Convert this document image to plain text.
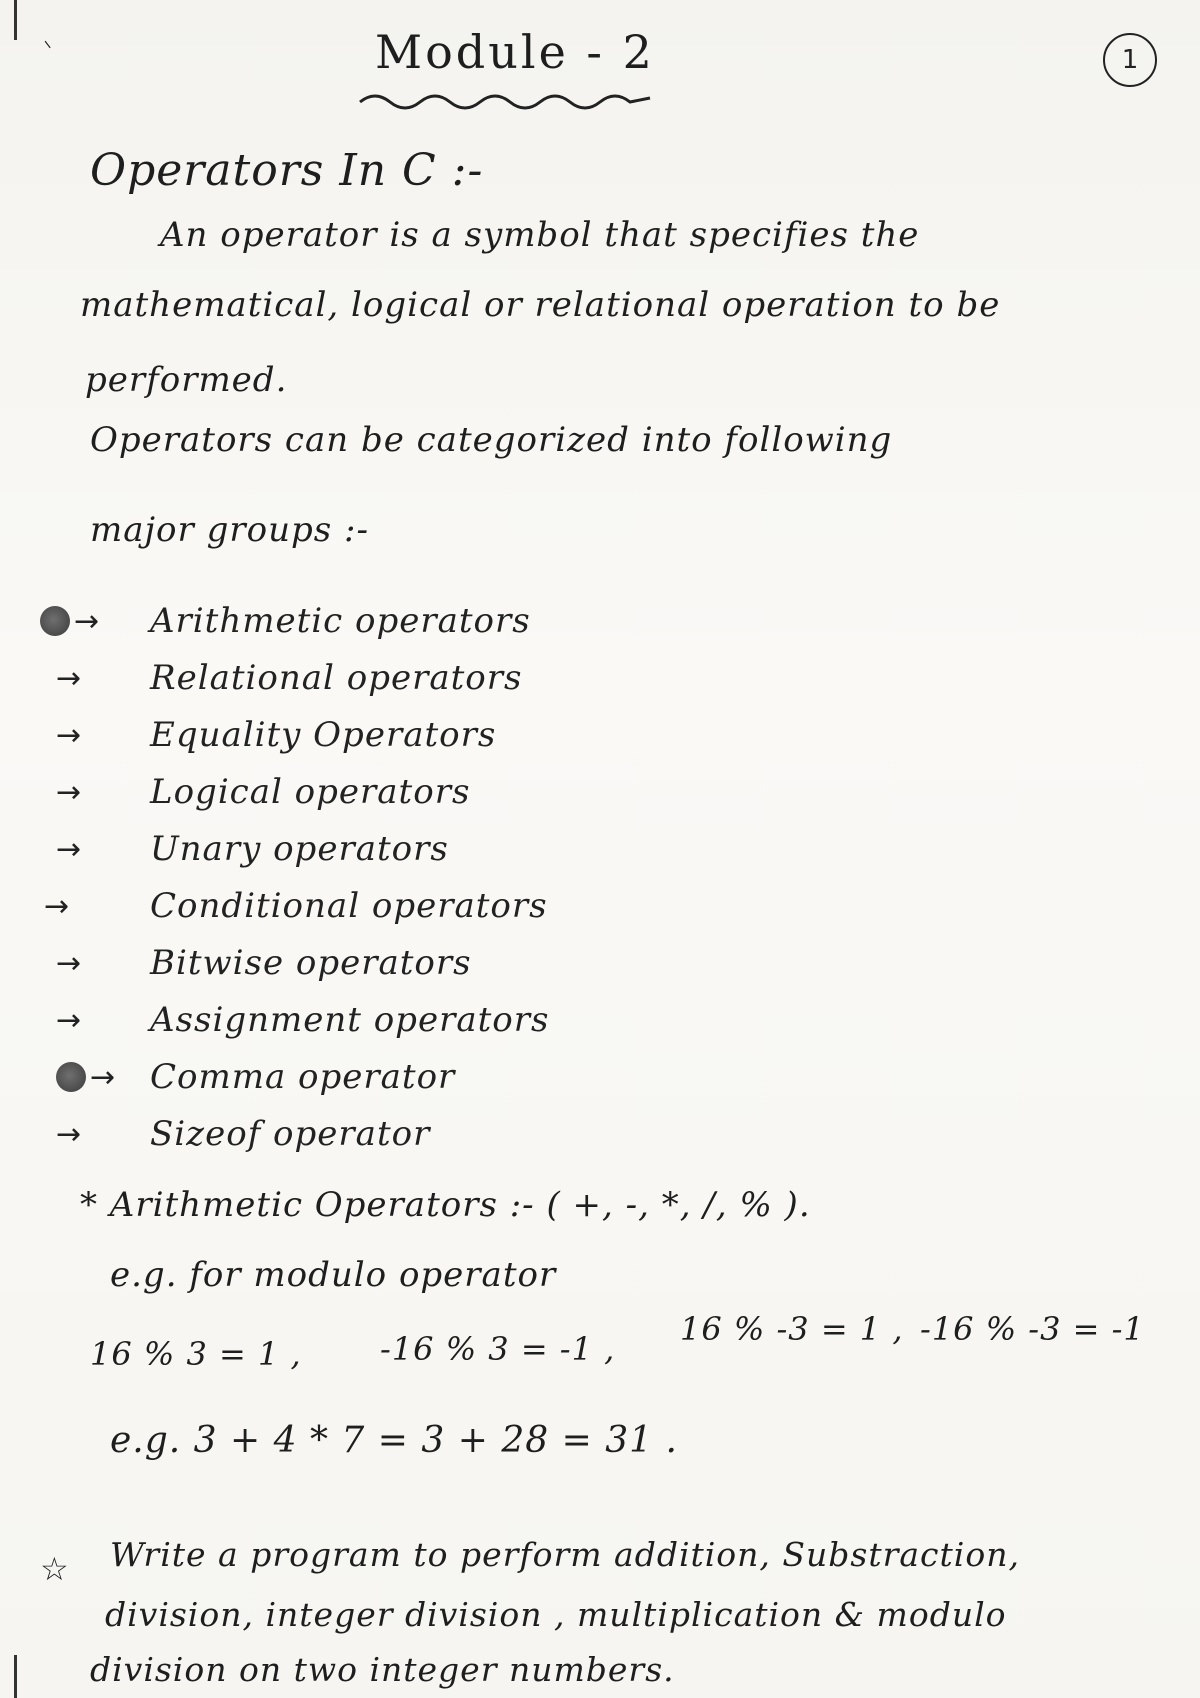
⸌	Module - 2	1
Operators In C :-
An operator is a symbol that specifies the
mathematical, logical or relational operation to be
performed.
Operators can be categorized into following
major groups :-
→ Arithmetic operators
→ Relational operators
→ Equality Operators
→ Logical operators
→ Unary operators
→ Conditional operators
→ Bitwise operators
→ Assignment operators
→ Comma operator
→ Sizeof operator
* Arithmetic Operators :- ( +, -, *, /, % ).
e.g. for modulo operator
16 % 3 = 1 , -16 % 3 = -1 ,
16 % -3 = 1 , -16 % -3 = -1
e.g. 3 + 4 * 7 = 3 + 28 = 31 .
☆ Write a program to perform addition, Substraction,
division, integer division , multiplication & modulo
division on two integer numbers.
